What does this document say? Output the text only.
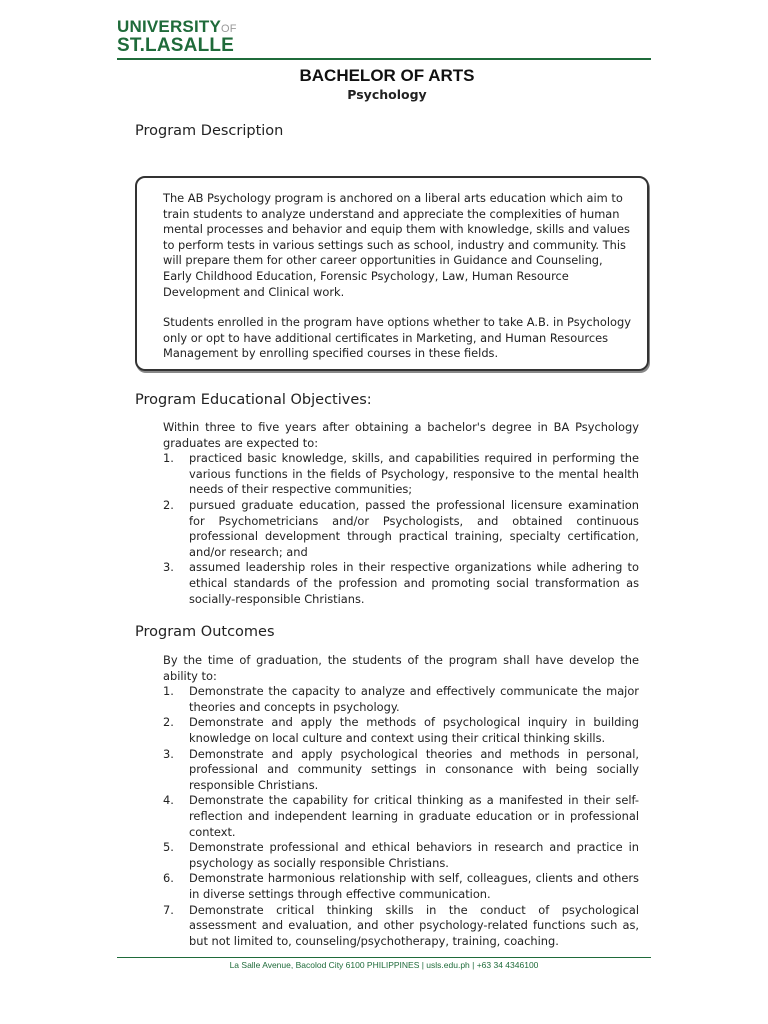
UNIVERSITYOF
ST.LASALLE
BACHELOR OF ARTS
Psychology
Program Description

The AB Psychology program is anchored on a liberal arts education which aim to train students to analyze understand and appreciate the complexities of human mental processes and behavior and equip them with knowledge, skills and values to perform tests in various settings such as school, industry and community. This will prepare them for other career opportunities in Guidance and Counseling, Early Childhood Education, Forensic Psychology, Law, Human Resource Development and Clinical work.

Students enrolled in the program have options whether to take A.B. in Psychology only or opt to have additional certificates in Marketing, and Human Resources Management by enrolling specified courses in these fields.

Program Educational Objectives:

Within three to five years after obtaining a bachelor's degree in BA Psychology graduates are expected to:

1. practiced basic knowledge, skills, and capabilities required in performing the various functions in the fields of Psychology, responsive to the mental health needs of their respective communities;
2. pursued graduate education, passed the professional licensure examination for Psychometricians and/or Psychologists, and obtained continuous professional development through practical training, specialty certification, and/or research; and
3. assumed leadership roles in their respective organizations while adhering to ethical standards of the profession and promoting social transformation as socially-responsible Christians.
Program Outcomes

By the time of graduation, the students of the program shall have develop the ability to:

1. Demonstrate the capacity to analyze and effectively communicate the major theories and concepts in psychology.
2. Demonstrate and apply the methods of psychological inquiry in building knowledge on local culture and context using their critical thinking skills.
3. Demonstrate and apply psychological theories and methods in personal, professional and community settings in consonance with being socially responsible Christians.
4. Demonstrate the capability for critical thinking as a manifested in their self-reflection and independent learning in graduate education or in professional context.
5. Demonstrate professional and ethical behaviors in research and practice in psychology as socially responsible Christians.
6. Demonstrate harmonious relationship with self, colleagues, clients and others in diverse settings through effective communication.
7. Demonstrate critical thinking skills in the conduct of psychological assessment and evaluation, and other psychology-related functions such as, but not limited to, counseling/psychotherapy, training, coaching.
La Salle Avenue, Bacolod City 6100 PHILIPPINES | usls.edu.ph | +63 34 4346100
